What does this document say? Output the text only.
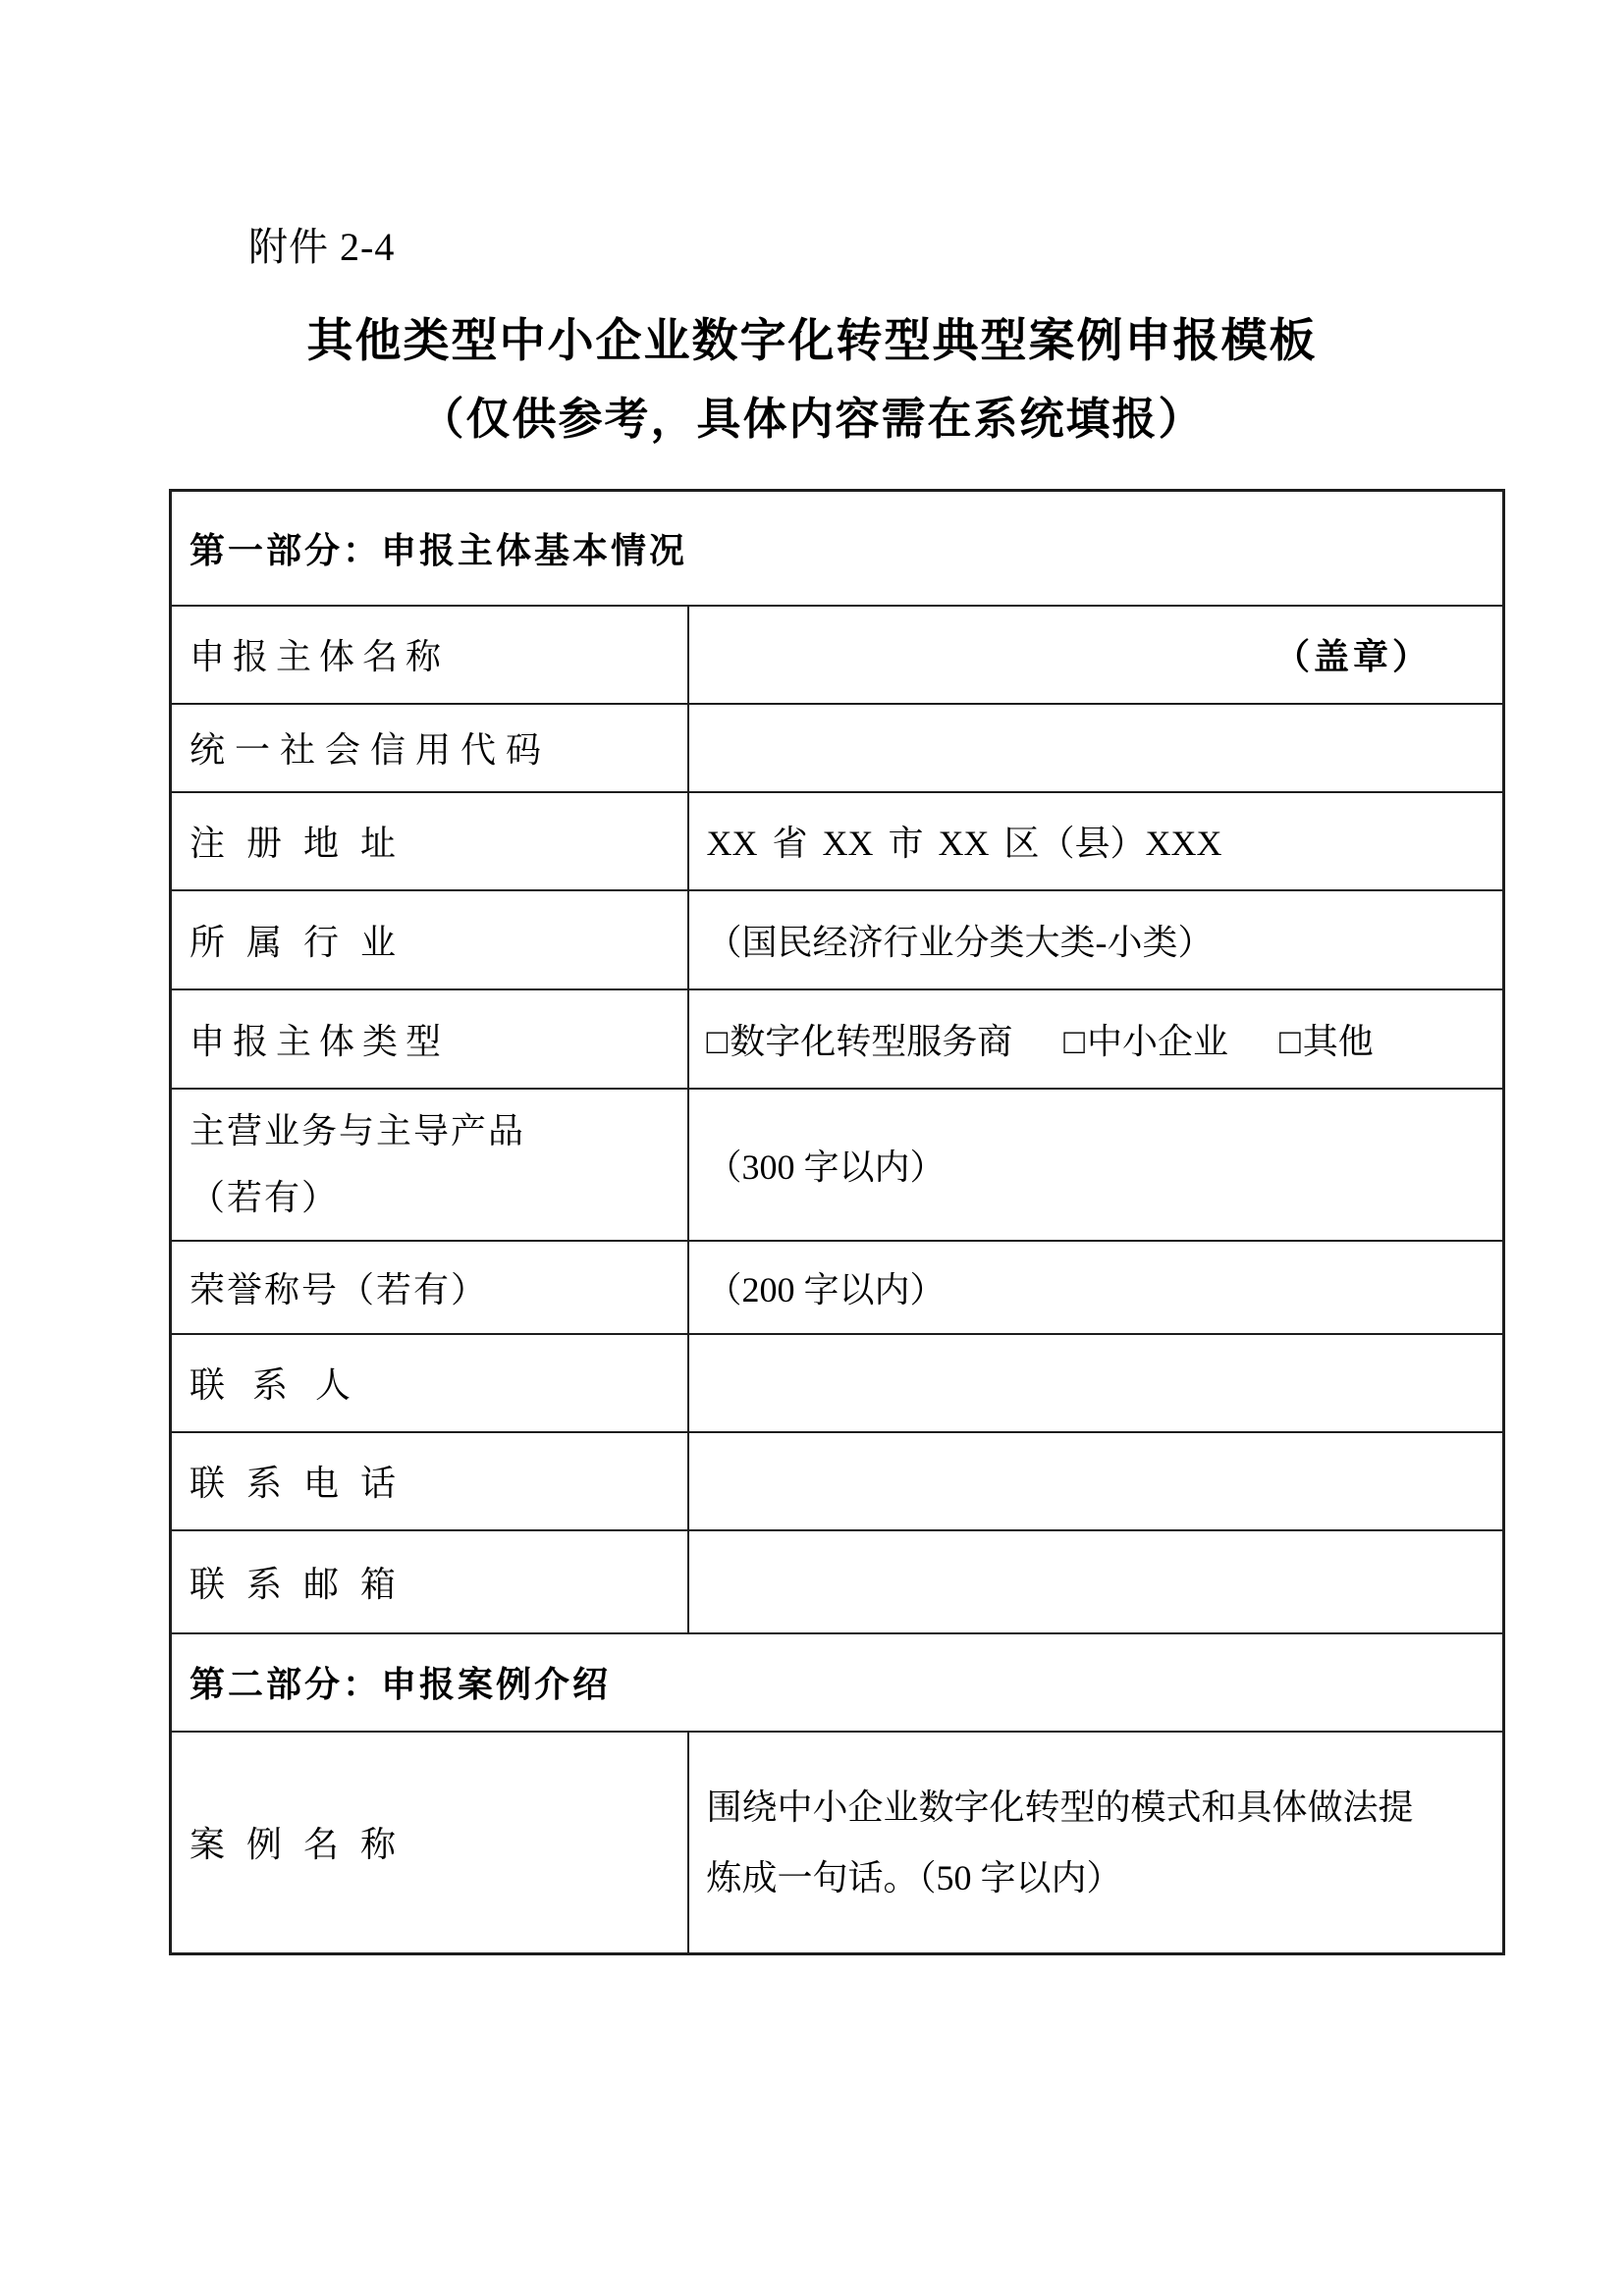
附件 2-4
其他类型中小企业数字化转型典型案例申报模板
（仅供参考，具体内容需在系统填报）
第一部分：申报主体基本情况	
申报主体名称	（盖章）
统一社会信用代码	
注册地址	XX 省 XX 市 XX 区（县）XXX
所属行业	（国民经济行业分类大类-小类）
申报主体类型	□数字化转型服务商 □中小企业 □其他

主营业务与主导产品
（若有）	（300 字以内）
荣誉称号（若有）	（200 字以内）
联系人	
联系电话	
联系邮箱	
第二部分：申报案例介绍	
案例名称	围绕中小企业数字化转型的模式和具体做法提炼成一句话。（50 字以内）
